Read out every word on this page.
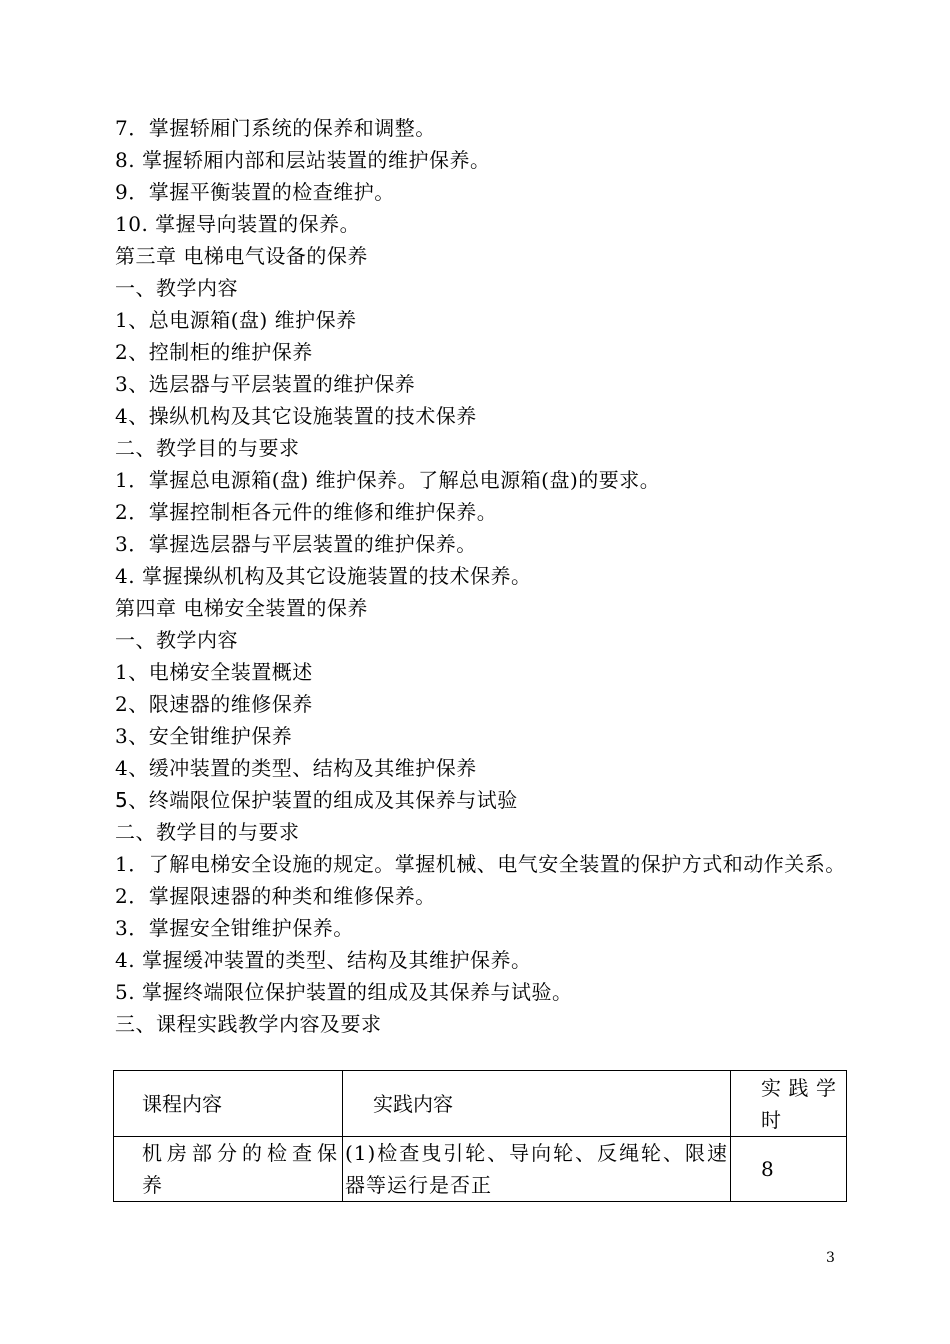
7．掌握轿厢门系统的保养和调整。
8. 掌握轿厢内部和层站装置的维护保养。
9．掌握平衡装置的检查维护。
10. 掌握导向装置的保养。
第三章 电梯电气设备的保养
一、教学内容
1、总电源箱(盘) 维护保养
2、控制柜的维护保养
3、选层器与平层装置的维护保养
4、操纵机构及其它设施装置的技术保养
二、教学目的与要求
1．掌握总电源箱(盘) 维护保养。了解总电源箱(盘)的要求。
2．掌握控制柜各元件的维修和维护保养。
3．掌握选层器与平层装置的维护保养。
4. 掌握操纵机构及其它设施装置的技术保养。
第四章 电梯安全装置的保养
一、教学内容
1、电梯安全装置概述
2、限速器的维修保养
3、安全钳维护保养
4、缓冲装置的类型、结构及其维护保养
5、终端限位保护装置的组成及其保养与试验
二、教学目的与要求
1．了解电梯安全设施的规定。掌握机械、电气安全装置的保护方式和动作关系。
2．掌握限速器的种类和维修保养。
3．掌握安全钳维护保养。
4. 掌握缓冲装置的类型、结构及其维护保养。
5. 掌握终端限位保护装置的组成及其保养与试验。
三、课程实践教学内容及要求
课程内容	实践内容	实践学时
机房部分的检查保养	(1)检查曳引轮、导向轮、反绳轮、限速器等运行是否正	8
3
